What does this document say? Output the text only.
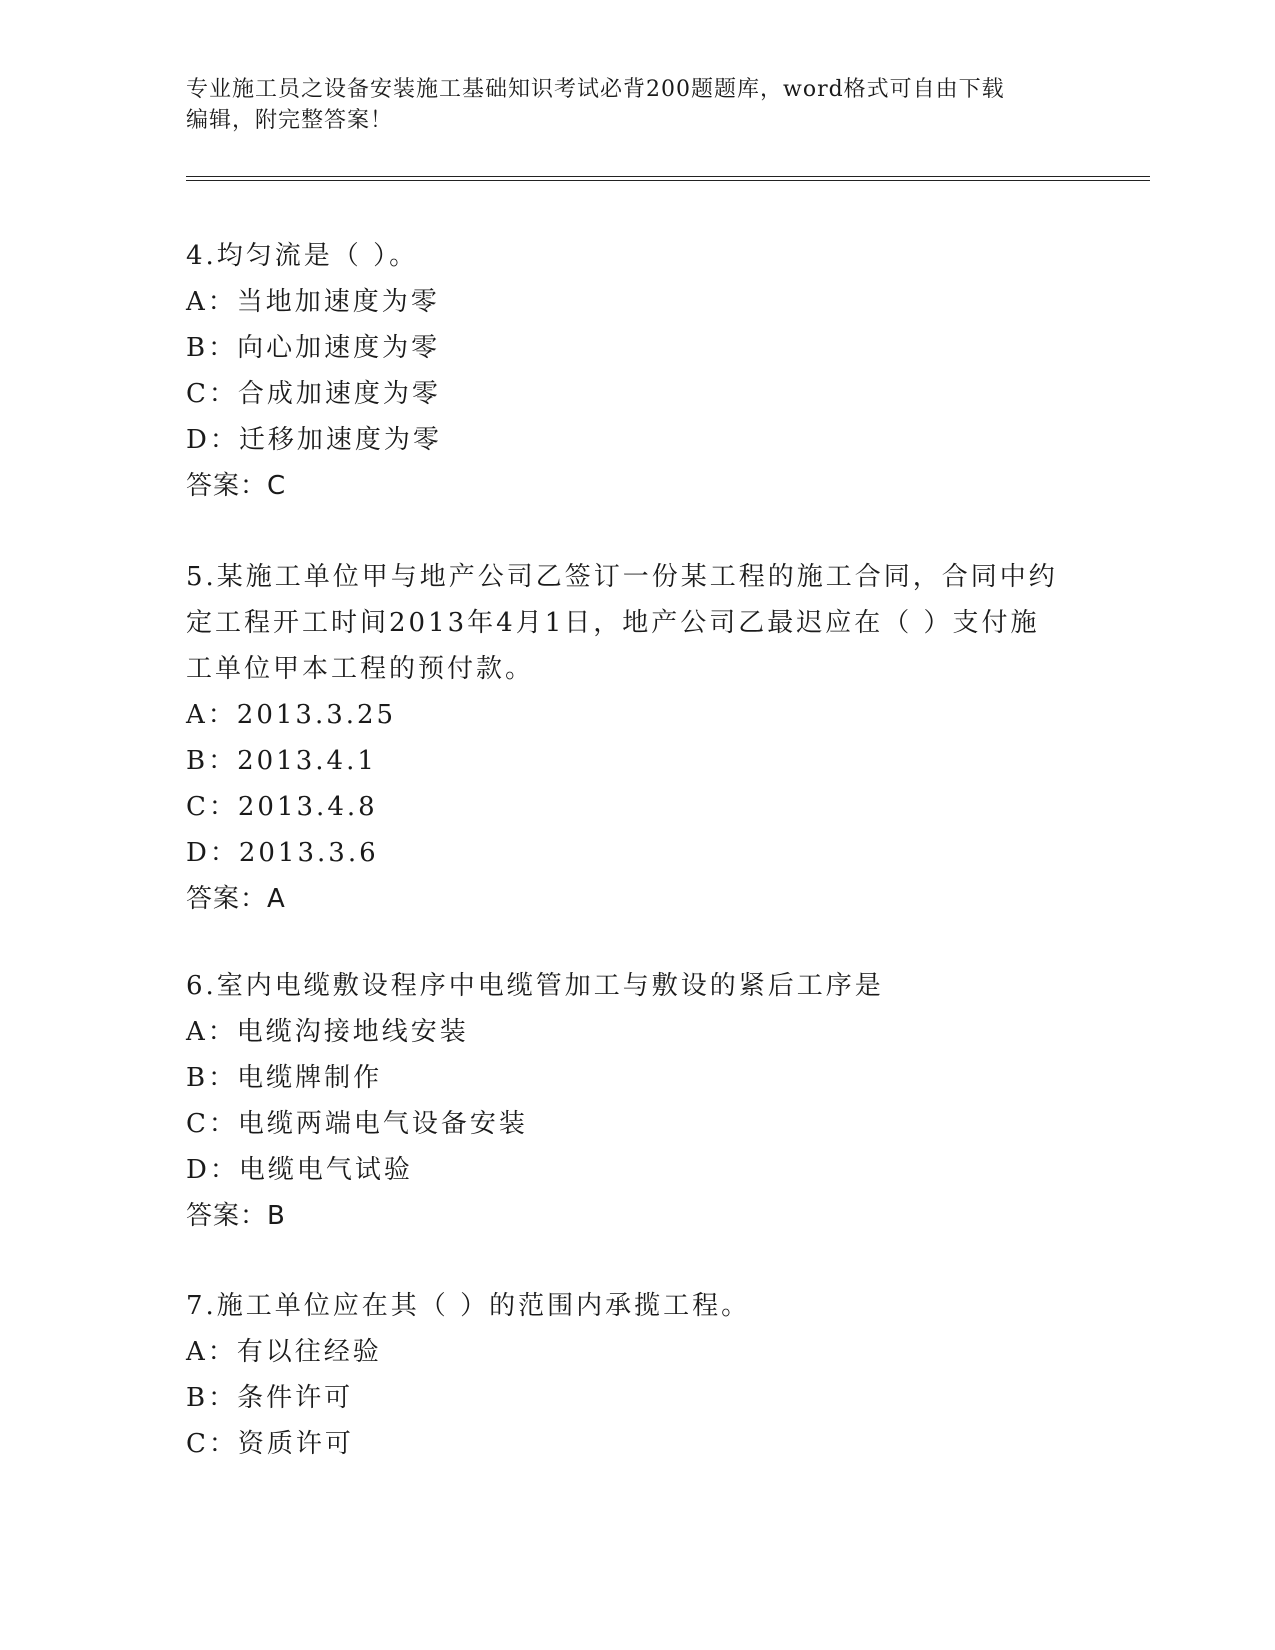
专业施工员之设备安装施工基础知识考试必背200题题库，word格式可自由下载
编辑，附完整答案！

4.均匀流是（ ）。

A：当地加速度为零

B：向心加速度为零

C：合成加速度为零

D：迁移加速度为零

答案：C

5.某施工单位甲与地产公司乙签订一份某工程的施工合同，合同中约

定工程开工时间2013年4月1日，地产公司乙最迟应在（ ）支付施

工单位甲本工程的预付款。

A：2013.3.25

B：2013.4.1

C：2013.4.8

D：2013.3.6

答案：A

6.室内电缆敷设程序中电缆管加工与敷设的紧后工序是

A：电缆沟接地线安装

B：电缆牌制作

C：电缆两端电气设备安装

D：电缆电气试验

答案：B

7.施工单位应在其（ ）的范围内承揽工程。

A：有以往经验

B：条件许可

C：资质许可
